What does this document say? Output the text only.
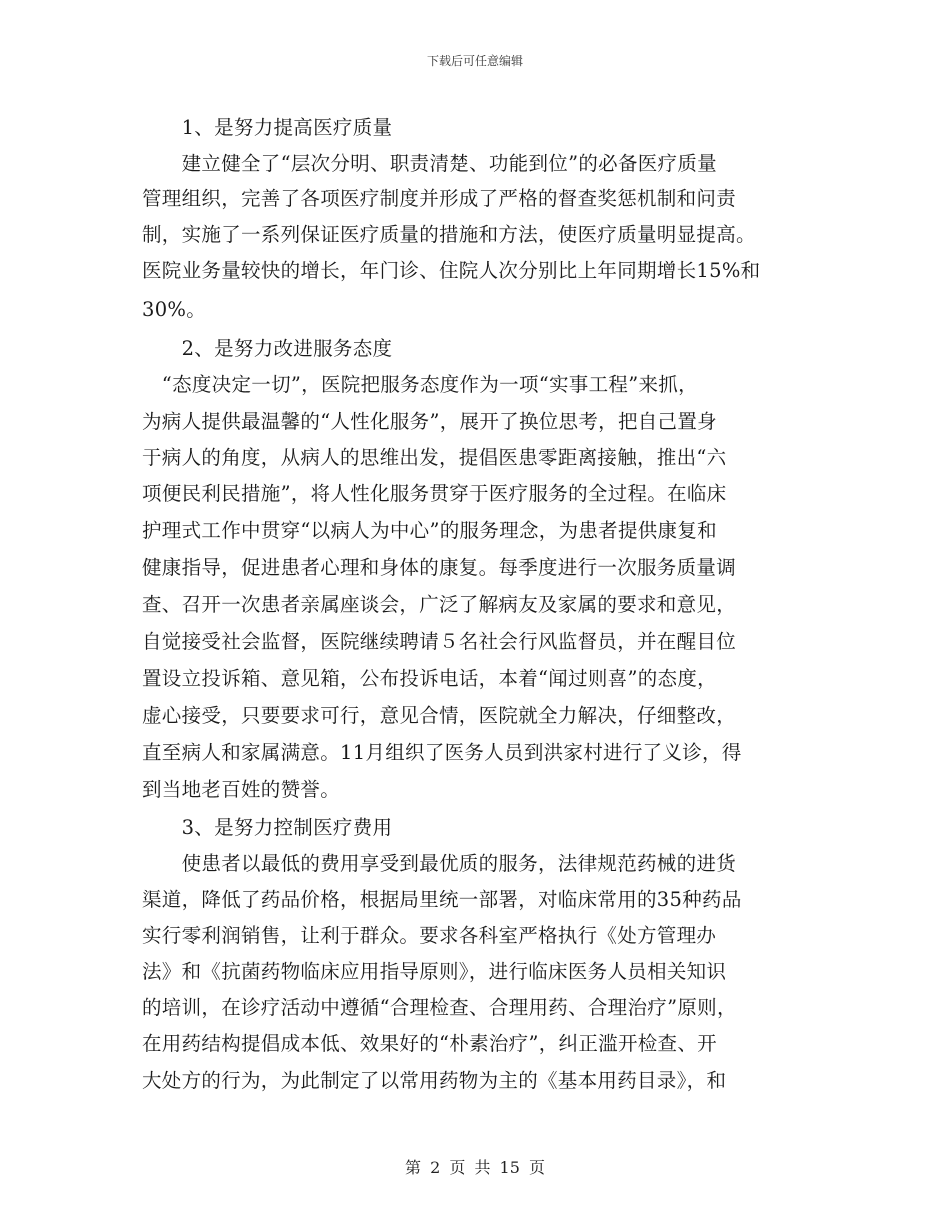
下载后可任意编辑
　　1、是努力提高医疗质量
　　建立健全了“层次分明、职责清楚、功能到位”的必备医疗质量
管理组织，完善了各项医疗制度并形成了严格的督查奖惩机制和问责
制，实施了一系列保证医疗质量的措施和方法，使医疗质量明显提高。
医院业务量较快的增长，年门诊、住院人次分别比上年同期增长15%和
30%。
　　2、是努力改进服务态度
　“态度决定一切”，医院把服务态度作为一项“实事工程”来抓，
为病人提供最温馨的“人性化服务”，展开了换位思考，把自己置身
于病人的角度，从病人的思维出发，提倡医患零距离接触，推出“六
项便民利民措施”，将人性化服务贯穿于医疗服务的全过程。在临床
护理式工作中贯穿“以病人为中心”的服务理念，为患者提供康复和
健康指导，促进患者心理和身体的康复。每季度进行一次服务质量调
查、召开一次患者亲属座谈会，广泛了解病友及家属的要求和意见，
自觉接受社会监督，医院继续聘请５名社会行风监督员，并在醒目位
置设立投诉箱、意见箱，公布投诉电话，本着“闻过则喜”的态度，
虚心接受，只要要求可行，意见合情，医院就全力解决，仔细整改，
直至病人和家属满意。11月组织了医务人员到洪家村进行了义诊，得
到当地老百姓的赞誉。
　　3、是努力控制医疗费用
　　使患者以最低的费用享受到最优质的服务，法律规范药械的进货
渠道，降低了药品价格，根据局里统一部署，对临床常用的35种药品
实行零利润销售，让利于群众。要求各科室严格执行《处方管理办
法》和《抗菌药物临床应用指导原则》，进行临床医务人员相关知识
的培训，在诊疗活动中遵循“合理检查、合理用药、合理治疗”原则，
在用药结构提倡成本低、效果好的“朴素治疗”，纠正滥开检查、开
大处方的行为，为此制定了以常用药物为主的《基本用药目录》，和
第 2 页 共 15 页
